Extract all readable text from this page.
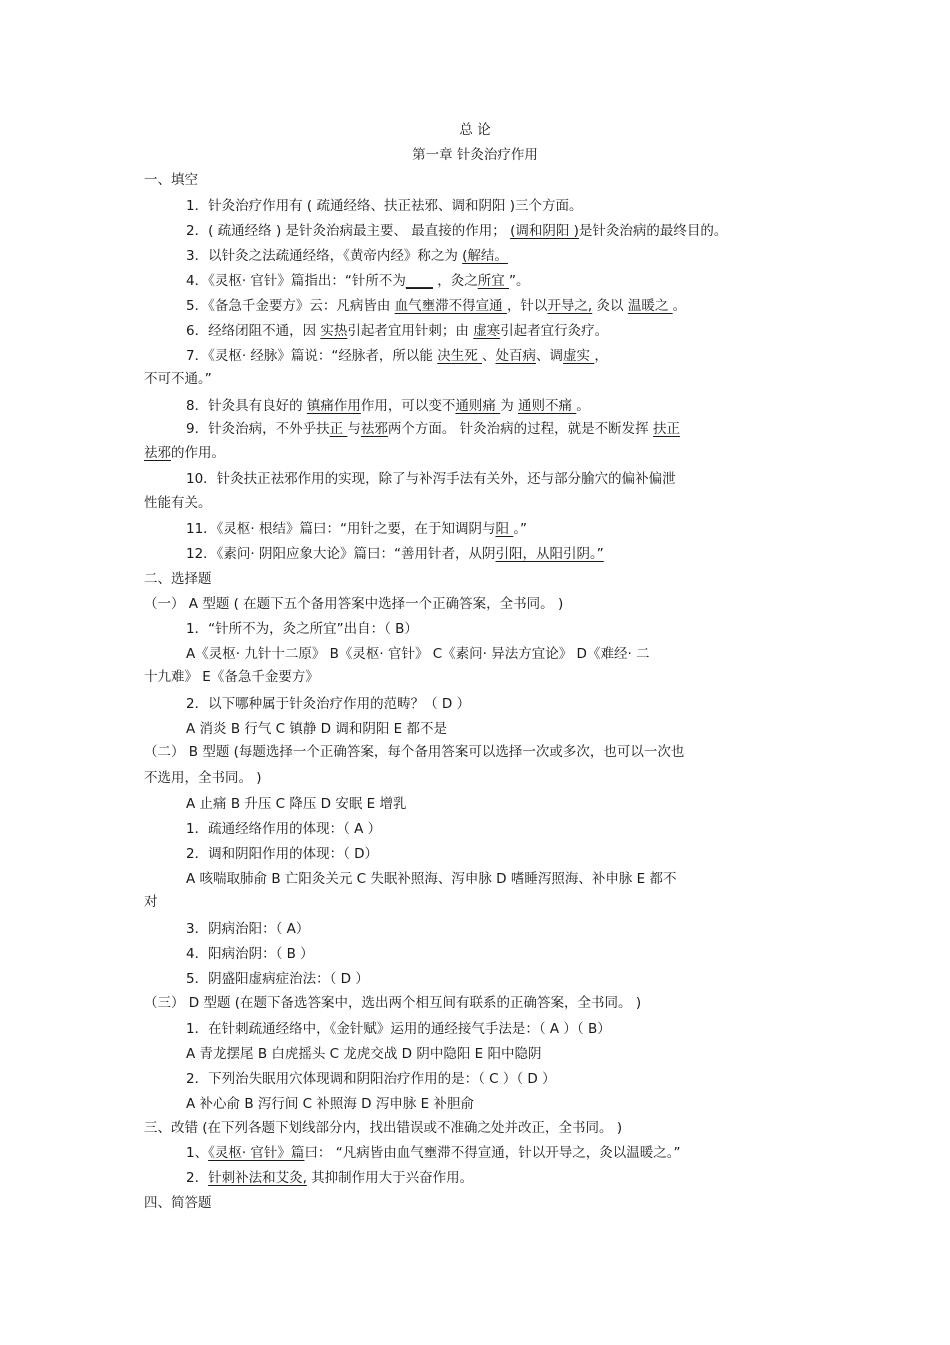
总 论
第一章 针灸治疗作用
一、填空
1．针灸治疗作用有 ( 疏通经络、扶正祛邪、调和阴阳 )三个方面。
2．( 疏通经络 ) 是针灸治病最主要、 最直接的作用； (调和阴阳 )是针灸治病的最终目的。
3．以针灸之法疏通经络，《黄帝内经》称之为 (解结。
4．《灵枢· 官针》篇指出：“针所不为____ ，灸之所宜 ”。
5．《备急千金要方》云：凡病皆由 血气壅滞不得宣通 ，针以开导之, 灸以 温暖之 。
6．经络闭阻不通，因 实热引起者宜用针刺；由 虚寒引起者宜行灸疗。
7．《灵枢· 经脉》篇说：“经脉者，所以能 决生死 、处百病、调虚实 ，
不可不通。”
8．针灸具有良好的 镇痛作用作用，可以变不通则痛 为 通则不痛 。
9．针灸治病，不外乎扶正 与祛邪两个方面。 针灸治病的过程，就是不断发挥 扶正
祛邪的作用。
10．针灸扶正祛邪作用的实现，除了与补泻手法有关外，还与部分腧穴的偏补偏泄
性能有关。
11．《灵枢· 根结》篇曰：“用针之要，在于知调阴与阳 。”
12．《素问· 阴阳应象大论》篇曰：“善用针者，从阴引阳，从阳引阴。”
二、选择题
（一） A 型题 ( 在题下五个备用答案中选择一个正确答案，全书同。 )
1．“针所不为，灸之所宜”出自：（ B）
A《灵枢· 九针十二原》 B《灵枢· 官针》 C《素问· 异法方宜论》 D《难经· 二
十九难》 E《备急千金要方》
2．以下哪种属于针灸治疗作用的范畴？（ D ）
A 消炎 B 行气 C 镇静 D 调和阴阳 E 都不是
（二） B 型题 (每题选择一个正确答案，每个备用答案可以选择一次或多次，也可以一次也
不选用，全书同。 )
A 止痛 B 升压 C 降压 D 安眠 E 增乳
1．疏通经络作用的体现：（ A ）
2．调和阴阳作用的体现：（ D）
A 咳喘取肺俞 B 亡阳灸关元 C 失眠补照海、泻申脉 D 嗜睡泻照海、补申脉 E 都不
对
3．阴病治阳：（ A）
4．阳病治阴：（ B ）
5．阴盛阳虚病症治法：（ D ）
（三） D 型题 (在题下备选答案中，选出两个相互间有联系的正确答案，全书同。 )
1．在针刺疏通经络中，《金针赋》运用的通经接气手法是：（ A ）（ B）
A 青龙摆尾 B 白虎摇头 C 龙虎交战 D 阴中隐阳 E 阳中隐阴
2．下列治失眠用穴体现调和阴阳治疗作用的是：（ C ）（ D ）
A 补心俞 B 泻行间 C 补照海 D 泻申脉 E 补胆俞
三、改错 (在下列各题下划线部分内，找出错误或不准确之处并改正，全书同。 )
1、《灵枢· 官针》篇曰： “凡病皆由血气壅滞不得宣通，针以开导之，灸以温暖之。”
2．针刺补法和艾灸, 其抑制作用大于兴奋作用。
四、简答题
